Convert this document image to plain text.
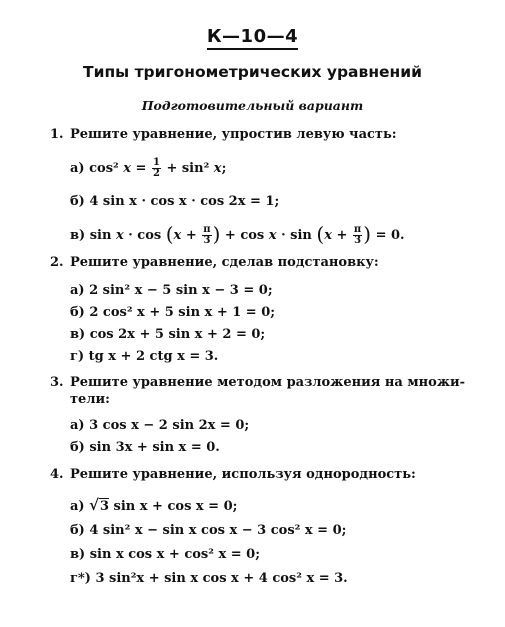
К—10—4
Типы тригонометрических уравнений
Подготовительный вариант
1. Решите уравнение, упростив левую часть:
а) cos² $x = \frac{1}{2} + \sin^2$ x;
б) 4 sin x · cos x · cos 2x = 1;
в) $\sin x \cdot \cos (x + \frac{\pi}{3}$ ) + $\cos x \cdot \sin (x + \frac{\pi}{3}$ ) = 0.
2. Решите уравнение, сделав подстановку:
а) 2 sin² x − 5 sin x − 3 = 0;
б) 2 cos² x + 5 sin x + 1 = 0;
в) cos 2x + 5 sin x + 2 = 0;
г) tg x + 2 ctg x = 3.
3. Решите уравнение методом разложения на множи-
тели:
а) 3 cos x − 2 sin 2x = 0;
б) sin 3x + sin x = 0.
4. Решите уравнение, используя однородность:
а) √3 sin x + cos x = 0;
б) 4 sin² x − sin x cos x − 3 cos² x = 0;
в) sin x cos x + cos² x = 0;
г*) 3 sin²x + sin x cos x + 4 cos² x = 3.
